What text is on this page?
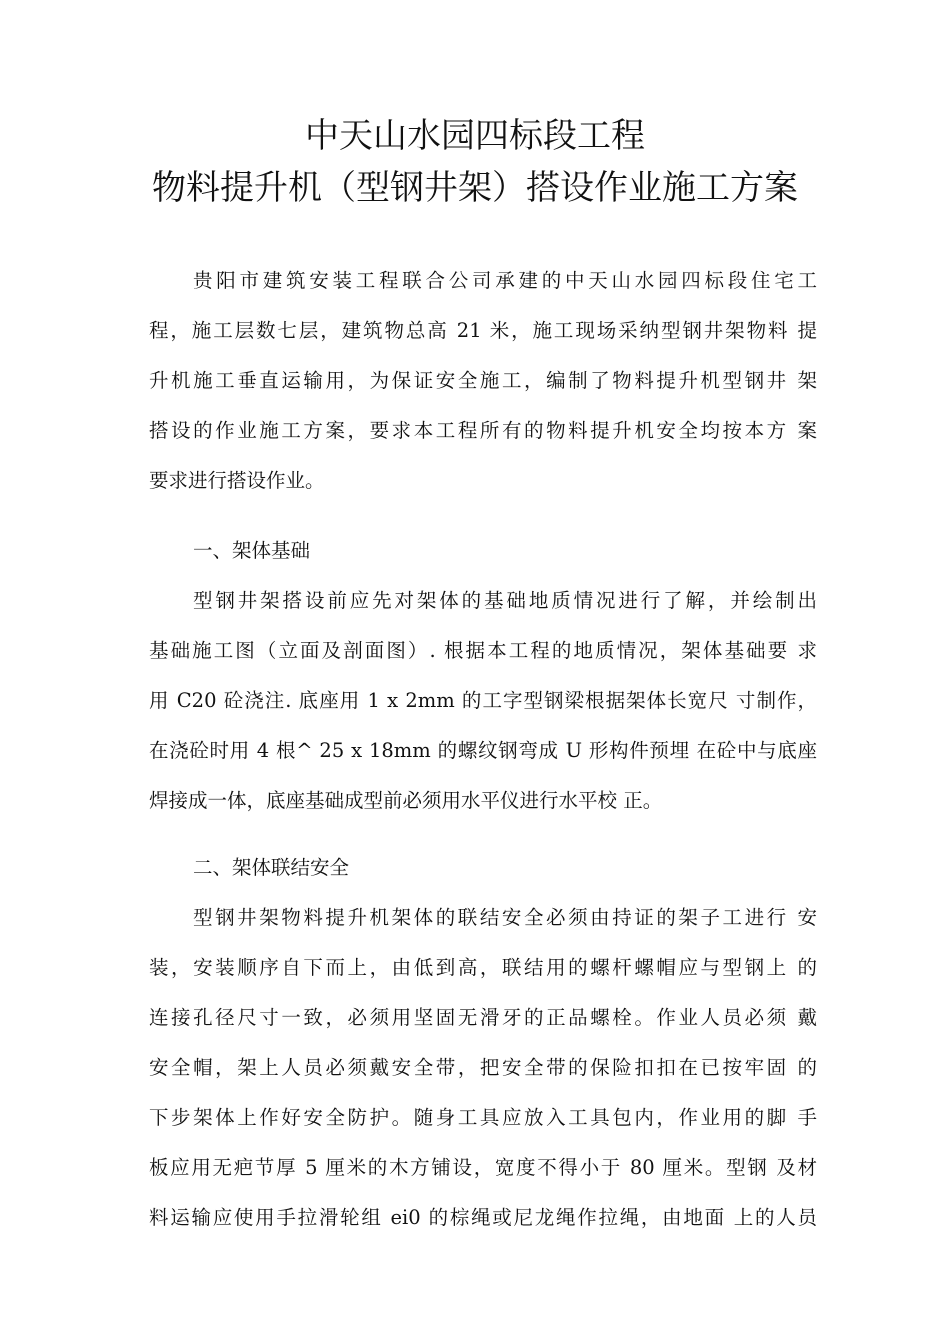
中天山水园四标段工程
物料提升机（型钢井架）搭设作业施工方案
贵阳市建筑安装工程联合公司承建的中天山水园四标段住宅工
程，施工层数七层，建筑物总高 21 米，施工现场采纳型钢井架物料 提
升机施工垂直运输用，为保证安全施工，编制了物料提升机型钢井 架
搭设的作业施工方案，要求本工程所有的物料提升机安全均按本方 案
要求进行搭设作业。
一、架体基础
型钢井架搭设前应先对架体的基础地质情况进行了解，并绘制出
基础施工图（立面及剖面图）. 根据本工程的地质情况，架体基础要 求
用 C20 砼浇注. 底座用 1 x 2mm 的工字型钢梁根据架体长宽尺 寸制作，
在浇砼时用 4 根^ 25 x 18mm 的螺纹钢弯成 U 形构件预埋 在砼中与底座
焊接成一体，底座基础成型前必须用水平仪进行水平校 正。
二、架体联结安全
型钢井架物料提升机架体的联结安全必须由持证的架子工进行 安
装，安装顺序自下而上，由低到高，联结用的螺杆螺帽应与型钢上 的
连接孔径尺寸一致，必须用坚固无滑牙的正品螺栓。作业人员必须 戴
安全帽，架上人员必须戴安全带，把安全带的保险扣扣在已按牢固 的
下步架体上作好安全防护。随身工具应放入工具包内，作业用的脚 手
板应用无疤节厚 5 厘米的木方铺设，宽度不得小于 80 厘米。型钢 及材
料运输应使用手拉滑轮组 ei0 的棕绳或尼龙绳作拉绳，由地面 上的人员
